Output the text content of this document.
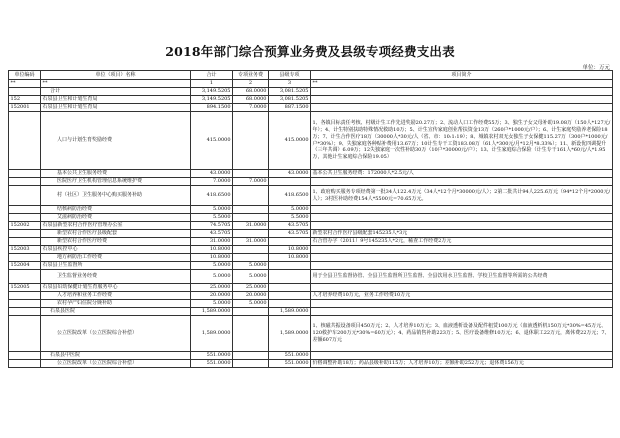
2018年部门综合预算业务费及县级专项经费支出表
单位：万元
单位编码	单位（项目）名称	合计	专项业务费	县级专项	项目简介
**	**	1	2	3	**
	合计	3,149.5205	68.0000	3,081.5205	
152	石泉县卫生和计划生育局	3,149.5205	68.0000	3,081.5205	
152001	石泉县卫生和计划生育局	894.1500	7.0000	887.1500	
	人口与计划生育奖励经费	415.0000		415.0000	1、各镇目标责任考核、村级计生工作先进奖励20.27万；2、流动人口工作经费55万；3、独生子女父母补助19.08万（150人*127元/年）；4、计生特别扶助特殊情况救助10万；5、计生宣传家庭创业帮扶资金13万（260户*1000元/户）；6、计生家庭奖励养老保险18万；7、计生合作医疗18万（30000人*30元/人（省、市：10:1:19）；8、城镇农村双无女独生子女保健115.27万（300户*1000元/户*30%）；9、失独家庭各种贴补费用13.67万；10计生专干工资183.08万（61人*300元/月*12月*8.33%）；11、新设优四调提升（三年共调）6.09万；12失独家庭一次性补助30万（10户*30000元/户）；13、计生家庭综合保险（计生专干161人*60元/人*1.95万，其他计生家庭综合保险19.05）
	基本公共卫生服务经费	43.0000		43.0000	基本公共卫生服务经费：172000人*2.5元/人
	医院医疗卫生机构管理信息系统维护费	7.0000	7.0000		
	村（社区）卫生服务中心购买服务补助	418.6500		418.6500	1、政府购买服务专项经费第一批34人122.4万元（34人*12个月*30000元/人）；2第二批共计94人225.6万元（94*12个月*2000元/人）；3村医补助经费154人*5500元=70.65万元。
	结核病防治经费	5.0000		5.0000	
	艾滋病防治经费	5.5000		5.5000	
152002	石泉县新型农村合作医疗管理办公室	74.5705	31.0000	43.5705	
	新型农村合作医疗县级配套	43.5705		43.5705	新型农村合作医疗县级配套145235人*3元
	新型农村合作医疗经费	31.0000	31.0000		石合管办字（2011）9号145235人*2元，稀查工作经费2万元
152003	石泉县疾控中心	10.8000		10.8000	
	地方病防治工作经费	10.8000		10.8000	
152004	石泉县卫生监督所	5.0000	5.0000		
	卫生监督业务经费	5.0000	5.0000		用于全县卫生监督协管、全县卫生监督所卫生监督、全县饮用水卫生监督、学校卫生监督等所需的公共经费
152005	石泉县妇幼保健计划生育服务中心	25.0000	25.0000		
	人才培养和业务工作经费	20.0000	20.0000		人才培养经费10万元，业务工作经费10万元
	农村孕产妇住院分娩补助	5.0000	5.0000		
	石泉县医院	1,589.0000		1,589.0000	
	公立医院改革（公立医院综合补偿）	1,589.0000		1,589.0000	1、核磁共振设备项目450万元；2、人才培养10万元；3、血液透析设备及配件租赁100万元（血液透析机150万元*30%=45万元、120救护车200万元*30%=60万元）；4、药品销售补助223万；5、医疗设备维修10万元；6、退休职工22万元，离休费22万元；7、差额607万元
	石泉县中医院	551.0000		551.0000	
	公立医院改革（公立医院综合补偿）	551.0000		551.0000	价格调整补助18万；药品县级补助115万；人才培养10万；差额补助252万元；退休费156万元
